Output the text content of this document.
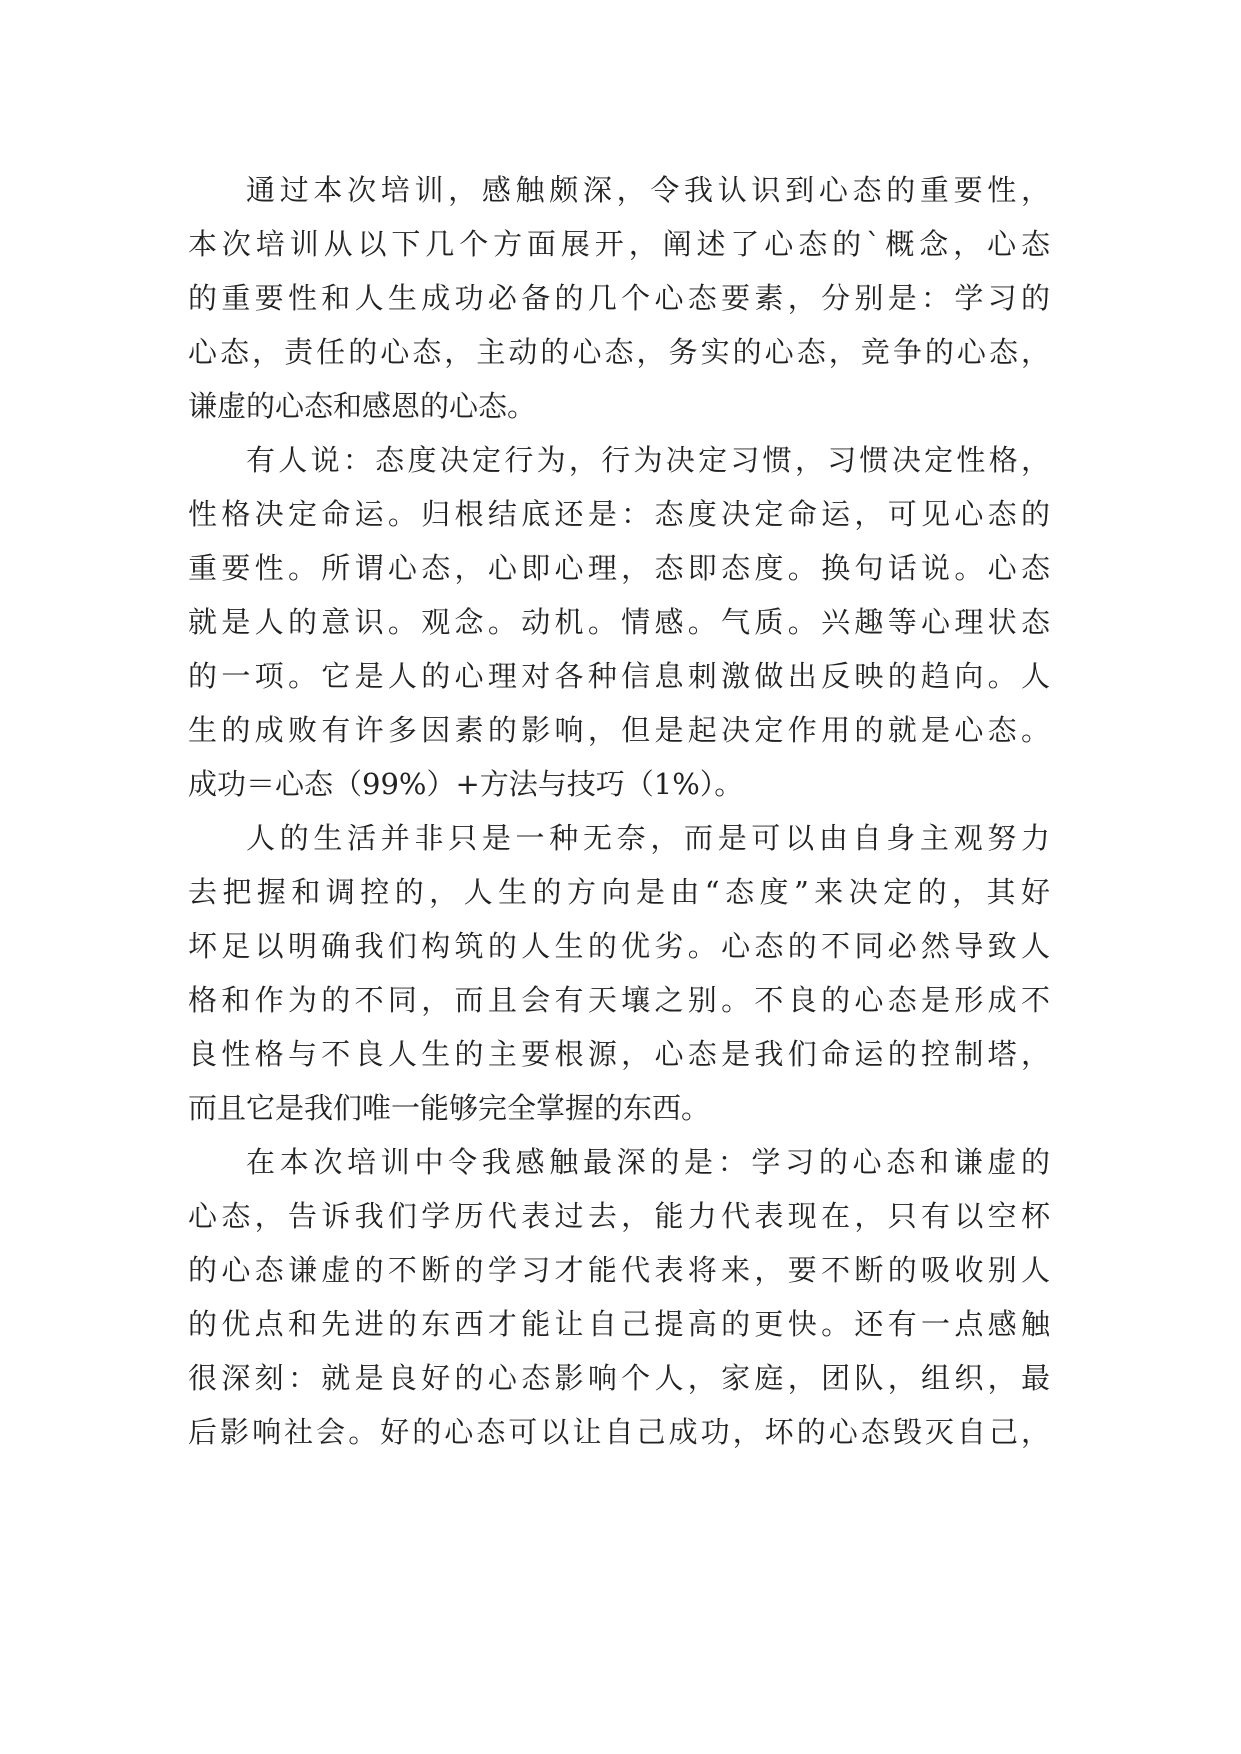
通过本次培训，感触颇深，令我认识到心态的重要性，
本次培训从以下几个方面展开，阐述了心态的`概念，心态
的重要性和人生成功必备的几个心态要素，分别是：学习的
心态，责任的心态，主动的心态，务实的心态，竞争的心态，
谦虚的心态和感恩的心态。
有人说：态度决定行为，行为决定习惯，习惯决定性格，
性格决定命运。归根结底还是：态度决定命运，可见心态的
重要性。所谓心态，心即心理，态即态度。换句话说。心态
就是人的意识。观念。动机。情感。气质。兴趣等心理状态
的一项。它是人的心理对各种信息刺激做出反映的趋向。人
生的成败有许多因素的影响，但是起决定作用的就是心态。
成功＝心态（99%）+方法与技巧（1%）。
人的生活并非只是一种无奈，而是可以由自身主观努力
去把握和调控的，人生的方向是由“态度”来决定的，其好
坏足以明确我们构筑的人生的优劣。心态的不同必然导致人
格和作为的不同，而且会有天壤之别。不良的心态是形成不
良性格与不良人生的主要根源，心态是我们命运的控制塔，
而且它是我们唯一能够完全掌握的东西。
在本次培训中令我感触最深的是：学习的心态和谦虚的
心态，告诉我们学历代表过去，能力代表现在，只有以空杯
的心态谦虚的不断的学习才能代表将来，要不断的吸收别人
的优点和先进的东西才能让自己提高的更快。还有一点感触
很深刻：就是良好的心态影响个人，家庭，团队，组织，最
后影响社会。好的心态可以让自己成功，坏的心态毁灭自己，
